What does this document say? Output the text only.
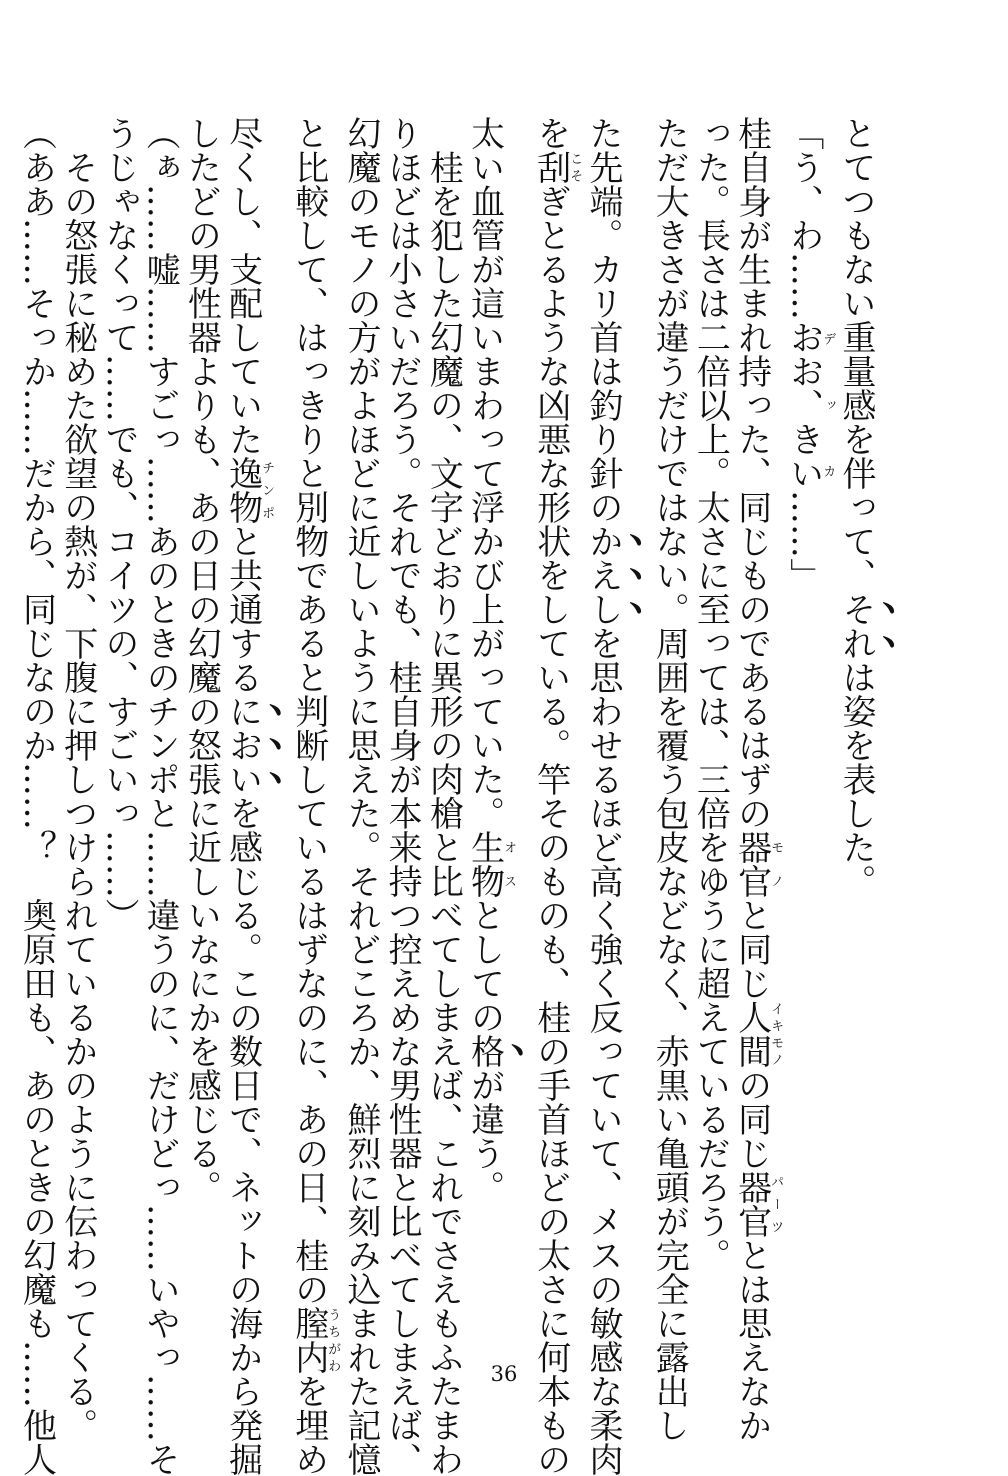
とてつもない重量感を伴って、それは姿を表した。
「う、わ……おお、きいデ ッ カ……」
桂自身が生まれ持った、同じものであるはずの器官モノと同じ人間イキモノの同じ器官パーツとは思えなか
った。長さは二倍以上。太さに至っては、三倍をゆうに超えているだろう。
ただ大きさが違うだけではない。周囲を覆う包皮などなく、赤黒い亀頭が完全に露出し
た先端。カリ首は釣り針のかえしを思わせるほど高く強く反っていて、メスの敏感な柔肉
を刮こそぎとるような凶悪な形状をしている。竿そのものも、桂の手首ほどの太さに何本もの
太い血管が這いまわって浮かび上がっていた。生物オスとしての格が違う。
　桂を犯した幻魔の、文字どおりに異形の肉槍と比べてしまえば、これでさえもふたまわ
りほどは小さいだろう。それでも、桂自身が本来持つ控えめな男性器と比べてしまえば、
幻魔のモノの方がよほどに近しいように思えた。それどころか、鮮烈に刻み込まれた記憶
と比較して、はっきりと別物であると判断しているはずなのに、あの日、桂の膣内うちがわを埋め
尽くし、支配していた逸物チンポと共通するにおいを感じる。この数日で、ネットの海から発掘
したどの男性器よりも、あの日の幻魔の怒張に近しいなにかを感じる。
（ぁ……嘘……すごっ……あのときのチンポと……違うのに、だけどっ……いやっ……そ
うじゃなくって……でも、コイツの、すごいっ……）
　その怒張に秘めた欲望の熱が、下腹に押しつけられているかのように伝わってくる。
（ああ……そっか……だから、同じなのか……？　奥原田も、あのときの幻魔も……他人	36
